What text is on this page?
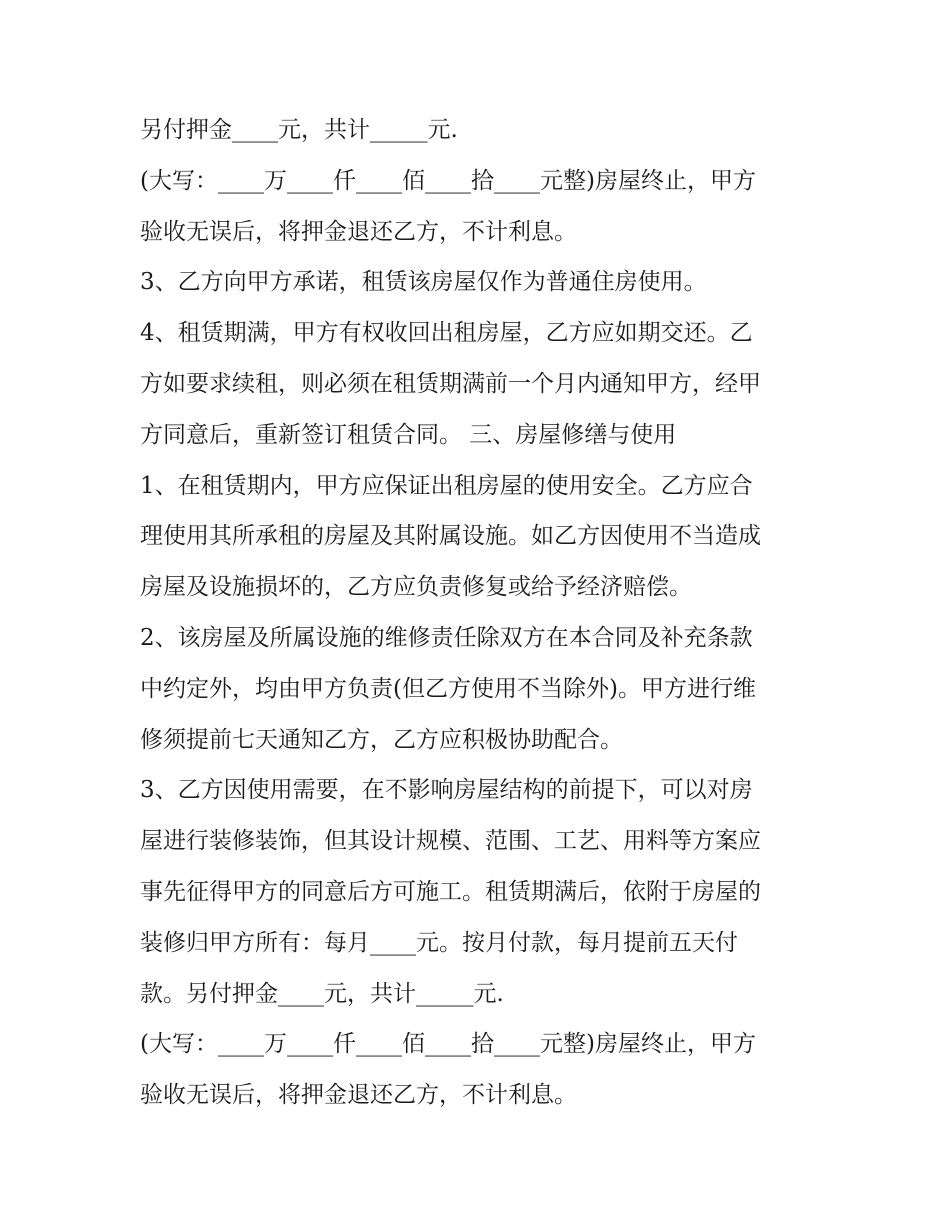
另付押金____元，共计_____元.
(大写：____万____仟____佰____拾____元整)房屋终止，甲方
验收无误后，将押金退还乙方，不计利息。
3、乙方向甲方承诺，租赁该房屋仅作为普通住房使用。
4、租赁期满，甲方有权收回出租房屋，乙方应如期交还。乙
方如要求续租，则必须在租赁期满前一个月内通知甲方，经甲
方同意后，重新签订租赁合同。 三、房屋修缮与使用
1、在租赁期内，甲方应保证出租房屋的使用安全。乙方应合
理使用其所承租的房屋及其附属设施。如乙方因使用不当造成
房屋及设施损坏的，乙方应负责修复或给予经济赔偿。
2、该房屋及所属设施的维修责任除双方在本合同及补充条款
中约定外，均由甲方负责(但乙方使用不当除外)。甲方进行维
修须提前七天通知乙方，乙方应积极协助配合。
3、乙方因使用需要，在不影响房屋结构的前提下，可以对房
屋进行装修装饰，但其设计规模、范围、工艺、用料等方案应
事先征得甲方的同意后方可施工。租赁期满后，依附于房屋的
装修归甲方所有：每月____元。按月付款，每月提前五天付
款。另付押金____元，共计_____元.
(大写：____万____仟____佰____拾____元整)房屋终止，甲方
验收无误后，将押金退还乙方，不计利息。
